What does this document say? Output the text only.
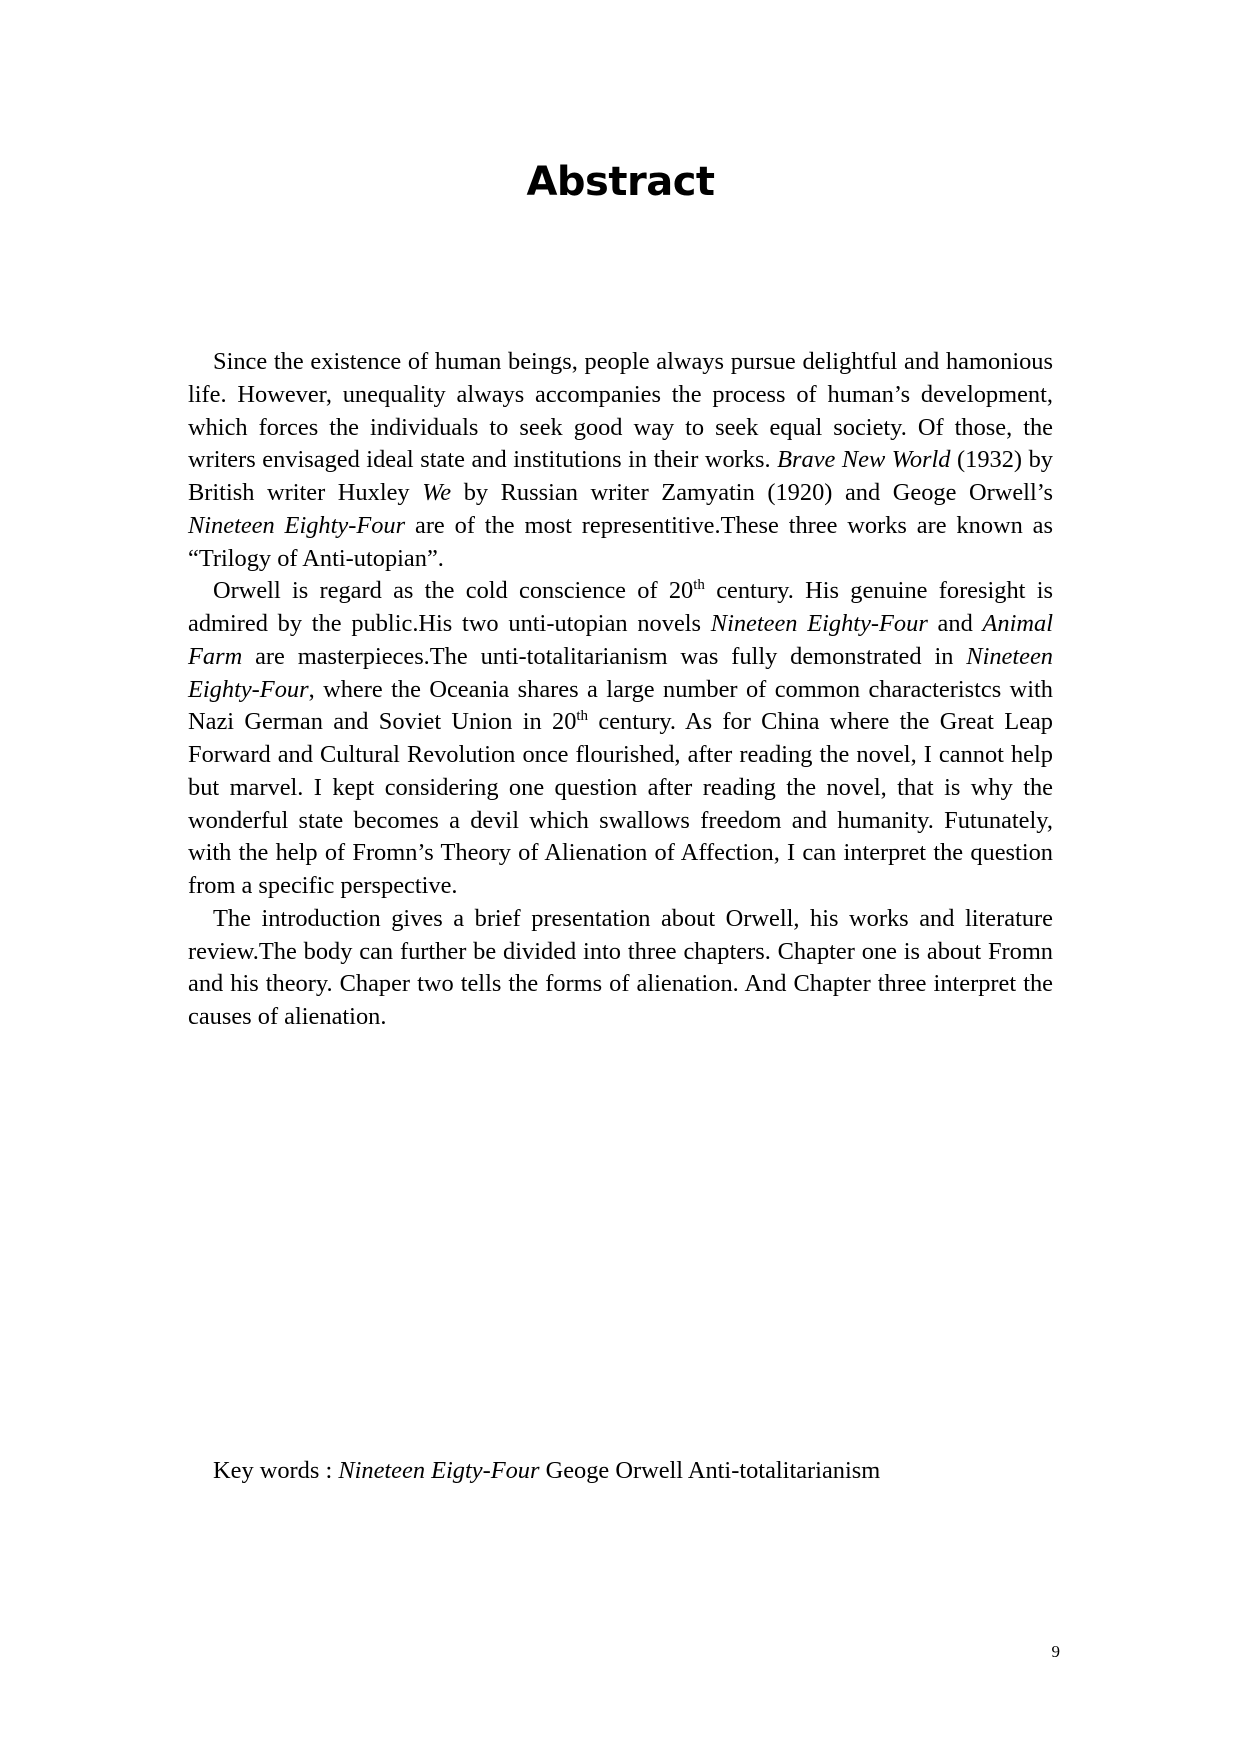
Abstract

Since the existence of human beings, people always pursue delightful and hamonious life. However, unequality always accompanies the process of human’s development, which forces the individuals to seek good way to seek equal society. Of those, the writers envisaged ideal state and institutions in their works. Brave New World (1932) by British writer Huxley We by Russian writer Zamyatin (1920) and Geoge Orwell’s Nineteen Eighty-Four are of the most representitive.These three works are known as “Trilogy of Anti-utopian”.

Orwell is regard as the cold conscience of 20th century. His genuine foresight is admired by the public.His two unti-utopian novels Nineteen Eighty-Four and Animal Farm are masterpieces.The unti-totalitarianism was fully demonstrated in Nineteen Eighty-Four, where the Oceania shares a large number of common characteristcs with Nazi German and Soviet Union in 20th century. As for China where the Great Leap Forward and Cultural Revolution once flourished, after reading the novel, I cannot help but marvel. I kept considering one question after reading the novel, that is why the wonderful state becomes a devil which swallows freedom and humanity. Futunately, with the help of Fromn’s Theory of Alienation of Affection, I can interpret the question from a specific perspective.

The introduction gives a brief presentation about Orwell, his works and literature review.The body can further be divided into three chapters. Chapter one is about Fromn and his theory. Chaper two tells the forms of alienation. And Chapter three interpret the causes of alienation.

Key words : Nineteen Eigty-Four Geoge Orwell Anti-totalitarianism
9
